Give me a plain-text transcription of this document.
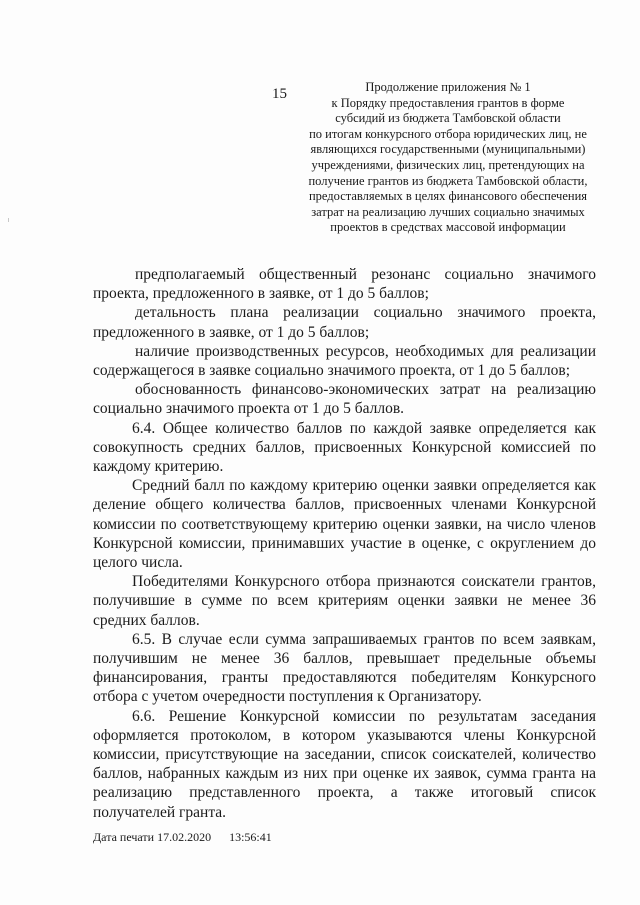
15	Продолжение приложения № 1
к Порядку предоставления грантов в форме
субсидий из бюджета Тамбовской области
по итогам конкурсного отбора юридических лиц, не
являющихся государственными (муниципальными)
учреждениями, физических лиц, претендующих на
получение грантов из бюджета Тамбовской области,
предоставляемых в целях финансового обеспечения
затрат на реализацию лучших социально значимых
проектов в средствах массовой информации

предполагаемый общественный резонанс социально значимого проекта, предложенного в заявке, от 1 до 5 баллов;

детальность плана реализации социально значимого проекта, предложенного в заявке, от 1 до 5 баллов;

наличие производственных ресурсов, необходимых для реализации содержащегося в заявке социально значимого проекта, от 1 до 5 баллов;

обоснованность финансово-экономических затрат на реализацию социально значимого проекта от 1 до 5 баллов.

6.4. Общее количество баллов по каждой заявке определяется как совокупность средних баллов, присвоенных Конкурсной комиссией по каждому критерию.

Средний балл по каждому критерию оценки заявки определяется как деление общего количества баллов, присвоенных членами Конкурсной комиссии по соответствующему критерию оценки заявки, на число членов Конкурсной комиссии, принимавших участие в оценке, с округлением до целого числа.

Победителями Конкурсного отбора признаются соискатели грантов, получившие в сумме по всем критериям оценки заявки не менее 36 средних баллов.

6.5. В случае если сумма запрашиваемых грантов по всем заявкам, получившим не менее 36 баллов, превышает предельные объемы финансирования, гранты предоставляются победителям Конкурсного отбора с учетом очередности поступления к Организатору.

6.6. Решение Конкурсной комиссии по результатам заседания оформляется протоколом, в котором указываются члены Конкурсной комиссии, присутствующие на заседании, список соискателей, количество баллов, набранных каждым из них при оценке их заявок, сумма гранта на реализацию представленного проекта, а также итоговый список получателей гранта.

Дата печати 17.02.2020 13:56:41
